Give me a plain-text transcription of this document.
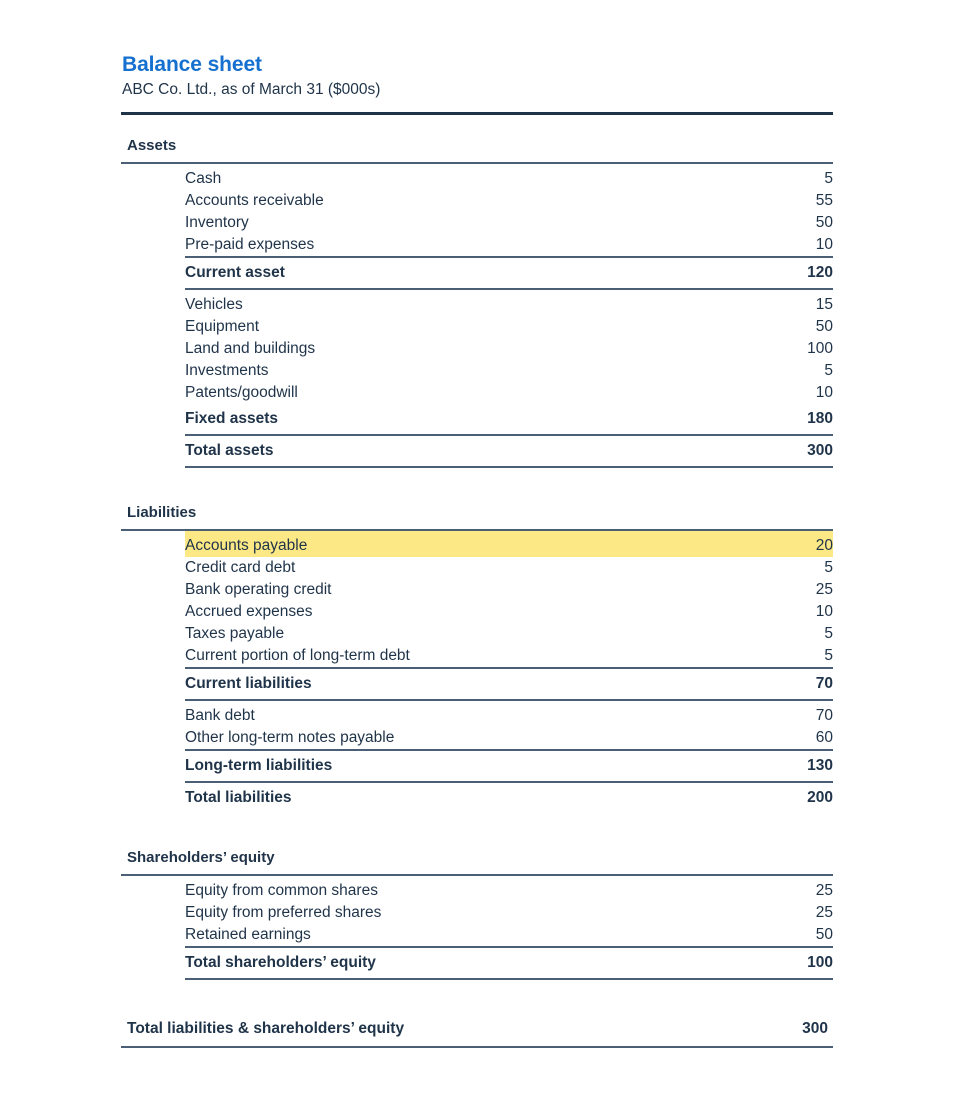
Balance sheet
ABC Co. Ltd., as of March 31 ($000s)
Assets
Cash	5
Accounts receivable	55
Inventory	50
Pre-paid expenses	10
Current asset	120
Vehicles	15
Equipment	50
Land and buildings	100
Investments	5
Patents/goodwill	10
Fixed assets	180
Total assets	300
Liabilities
Accounts payable	20
Credit card debt	5
Bank operating credit	25
Accrued expenses	10
Taxes payable	5
Current portion of long-term debt	5
Current liabilities	70
Bank debt	70
Other long-term notes payable	60
Long-term liabilities	130
Total liabilities	200
Shareholders’ equity
Equity from common shares	25
Equity from preferred shares	25
Retained earnings	50
Total shareholders’ equity	100
Total liabilities & shareholders’ equity	300
